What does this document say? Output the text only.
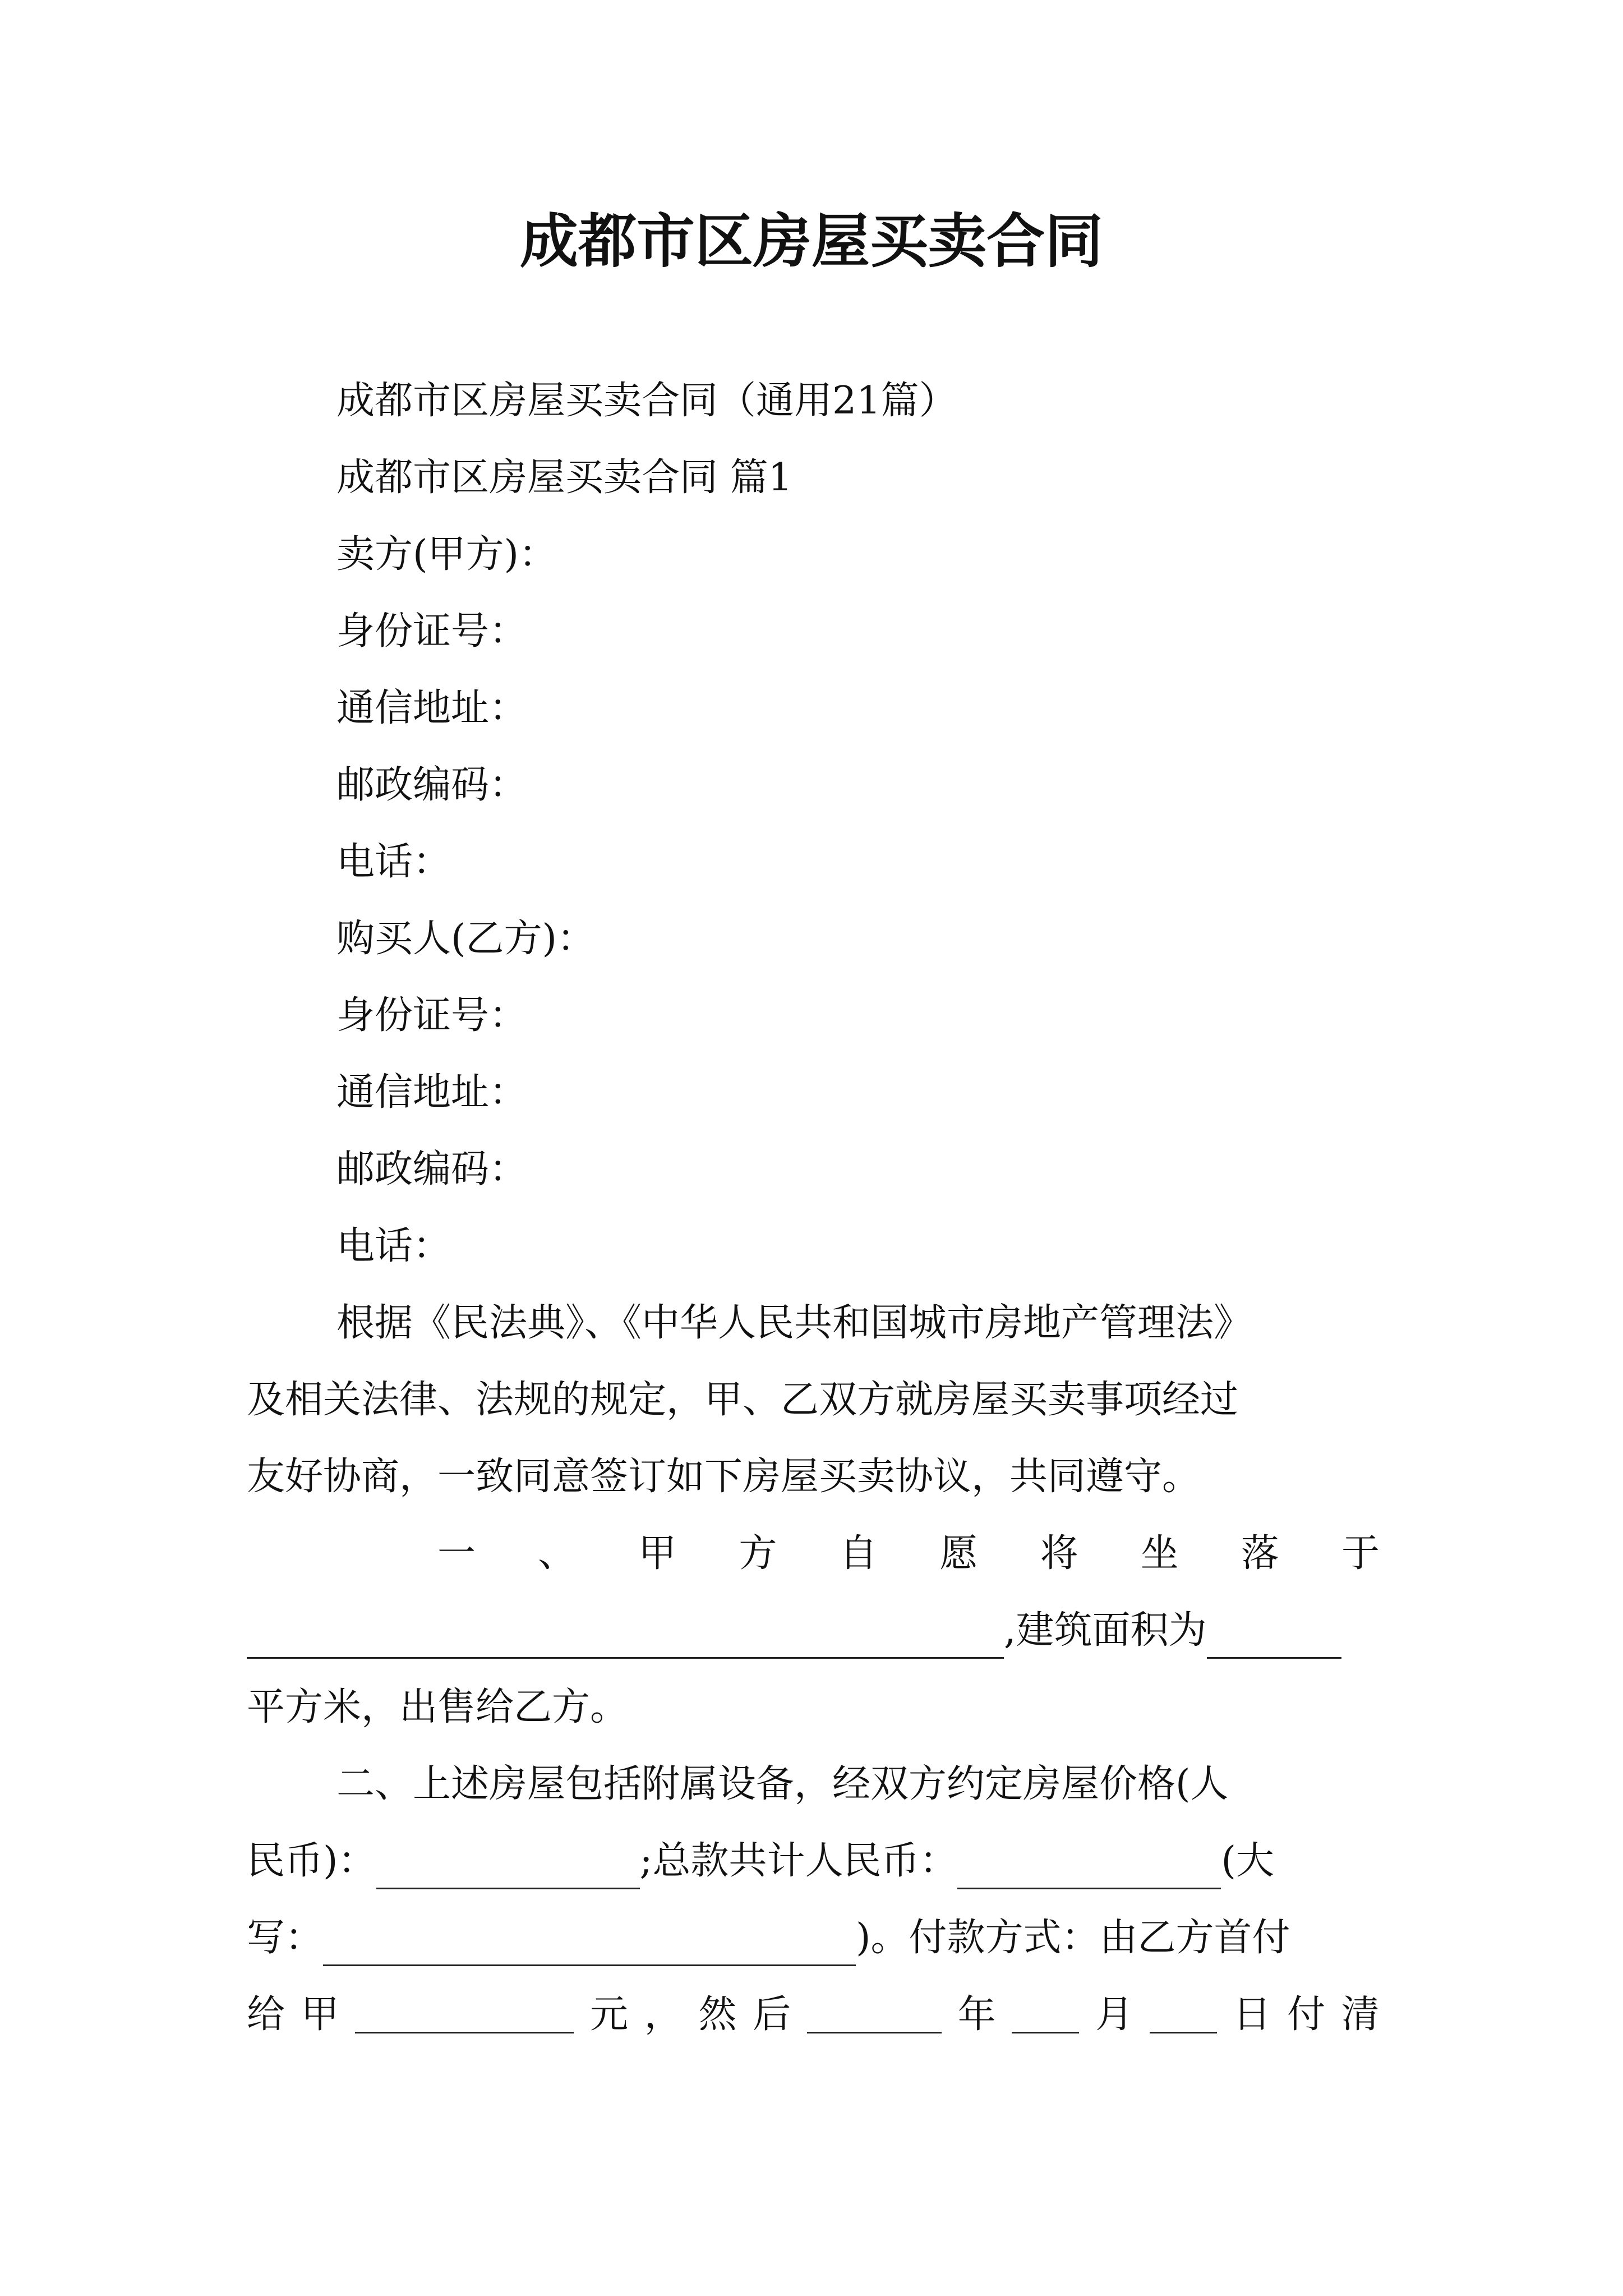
成都市区房屋买卖合同
成都市区房屋买卖合同（通用21篇）
成都市区房屋买卖合同 篇1
卖方(甲方)：
身份证号：
通信地址：
邮政编码：
电话：
购买人(乙方)：
身份证号：
通信地址：
邮政编码：
电话：
根据《民法典》、《中华人民共和国城市房地产管理法》
及相关法律、法规的规定，甲、乙双方就房屋买卖事项经过
友好协商，一致同意签订如下房屋买卖协议，共同遵守。
一 、 甲 方 自 愿 将 坐 落 于
,建筑面积为
平方米，出售给乙方。
二、上述房屋包括附属设备，经双方约定房屋价格(人
民币)：	;总款共计人民币：	(大
写：	)。付款方式：由乙方首付
给 甲	元 ， 然 后	年	月	日 付 清
